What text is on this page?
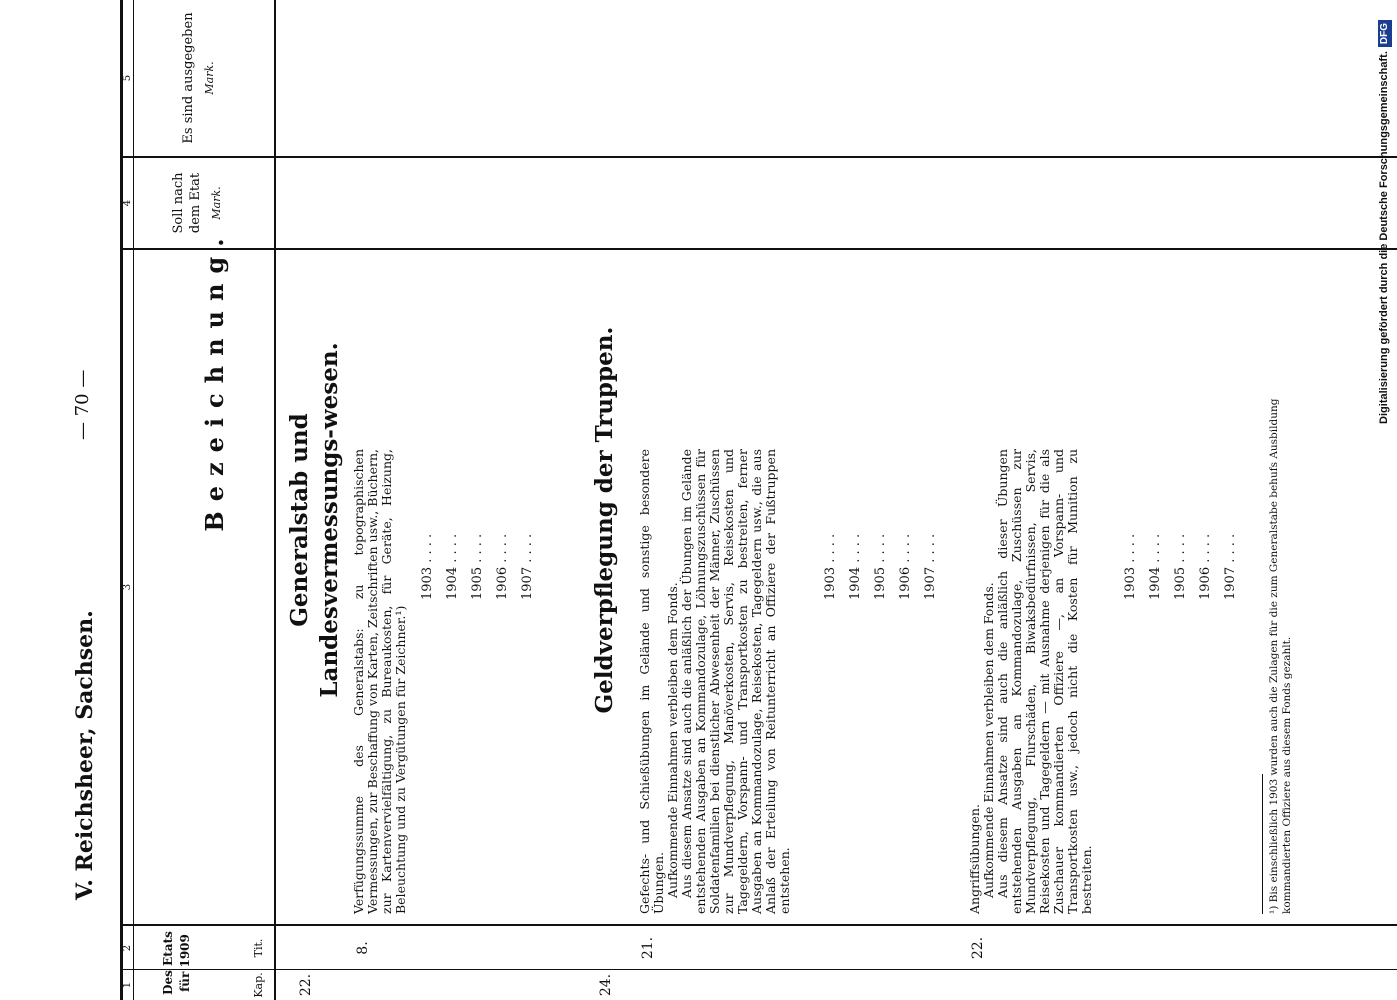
V. Reichsheer, Sachsen.
— 70 —
1
2
3
4
5
Des Etats für 1909	Kap.
Tit.
Bezeichnung.
Soll nach dem Etat Mark.
Es sind ausgegeben Mark.
22.
Generalstab und Landesvermessungs-wesen.
8.

Verfügungssumme des Generalstabs: zu topographischen Vermessungen, zur Beschaffung von Karten, Zeitschriften usw., Büchern, zur Kartenvervielfältigung, zu Bureaukosten, für Geräte, Heizung, Beleuchtung und zu Vergütungen für Zeichner.¹)

1903 . . . . 1904 . . . . 1905 . . . . 1906 . . . . 1907 . . . .
24.
Geldverpflegung der Truppen.
21.

Gefechts- und Schießübungen im Gelände und sonstige besondere Übungen. Aufkommende Einnahmen verbleiben dem Fonds. Aus diesem Ansatze sind auch die anläßlich der Übungen im Gelände entstehenden Ausgaben an Kommandozulage, Löhnungszuschüssen für Soldatenfamilien bei dienstlicher Abwesenheit der Männer, Zuschüssen zur Mundverpflegung, Manöverkosten, Servis, Reisekosten und Tagegeldern, Vorspann- und Transportkosten zu bestreiten, ferner Ausgaben an Kommandozulage, Reisekosten, Tagegeldern usw., die aus Anlaß der Erteilung von Reitunterricht an Offiziere der Fußtruppen entstehen.

1903 . . . . 1904 . . . . 1905 . . . . 1906 . . . . 1907 . . . .
22.

Angriffsübungen. Aufkommende Einnahmen verbleiben dem Fonds. Aus diesem Ansatze sind auch die anläßlich dieser Übungen entstehenden Ausgaben an Kommandozulage, Zuschüssen zur Mundverpflegung, Flurschäden, Biwaksbedürfnissen, Servis, Reisekosten und Tagegeldern — mit Ausnahme derjenigen für die als Zuschauer kommandierten Offiziere —, an Vorspann- und Transportkosten usw., jedoch nicht die Kosten für Munition zu bestreiten.

1903 . . . . 1904 . . . . 1905 . . . . 1906 . . . . 1907 . . . .	¹) Bis einschließlich 1903 wurden auch die Zulagen für die zum Generalstabe behufs Ausbildung kommandierten Offiziere aus diesem Fonds gezahlt.
Digitalisierung gefördert durch die Deutsche Forschungsgemeinschaft.DFG
